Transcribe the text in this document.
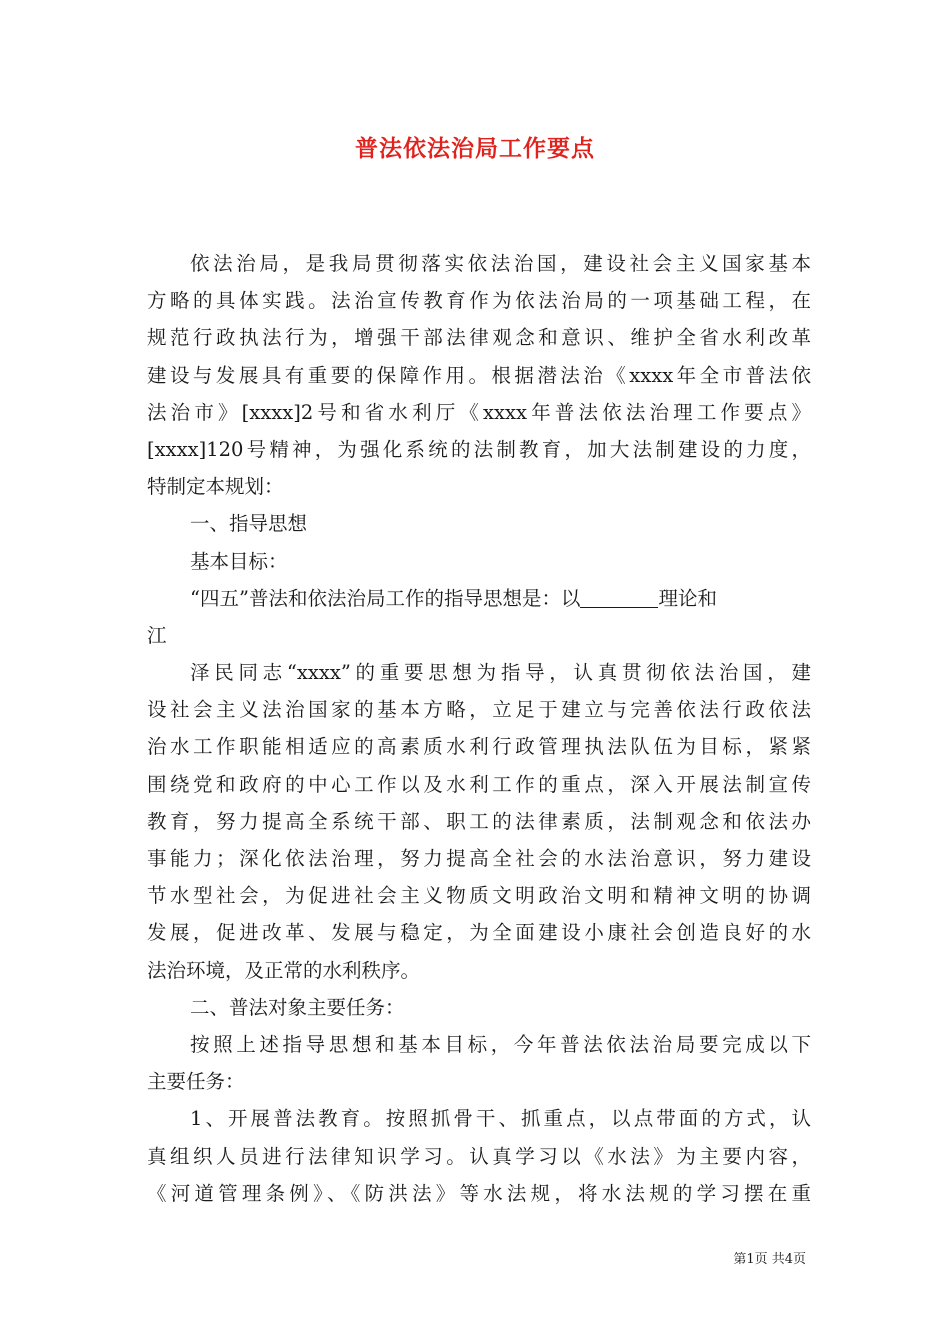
普法依法治局工作要点
依法治局，是我局贯彻落实依法治国，建设社会主义国家基本
方略的具体实践。法治宣传教育作为依法治局的一项基础工程，在
规范行政执法行为，增强干部法律观念和意识、维护全省水利改革
建设与发展具有重要的保障作用。根据潜法治《xxxx年全市普法依
法治市》[xxxx]2号和省水利厅《xxxx年普法依法治理工作要点》
[xxxx]120号精神，为强化系统的法制教育，加大法制建设的力度，
特制定本规划：
一、指导思想
基本目标：
“四五”普法和依法治局工作的指导思想是：以	理论和
江
泽民同志“xxxx”的重要思想为指导，认真贯彻依法治国，建
设社会主义法治国家的基本方略，立足于建立与完善依法行政依法
治水工作职能相适应的高素质水利行政管理执法队伍为目标，紧紧
围绕党和政府的中心工作以及水利工作的重点，深入开展法制宣传
教育，努力提高全系统干部、职工的法律素质，法制观念和依法办
事能力；深化依法治理，努力提高全社会的水法治意识，努力建设
节水型社会，为促进社会主义物质文明政治文明和精神文明的协调
发展，促进改革、发展与稳定，为全面建设小康社会创造良好的水
法治环境，及正常的水利秩序。
二、普法对象主要任务：
按照上述指导思想和基本目标，今年普法依法治局要完成以下
主要任务：
1、开展普法教育。按照抓骨干、抓重点，以点带面的方式，认
真组织人员进行法律知识学习。认真学习以《水法》为主要内容，
《河道管理条例》、《防洪法》等水法规，将水法规的学习摆在重
第1页 共4页
